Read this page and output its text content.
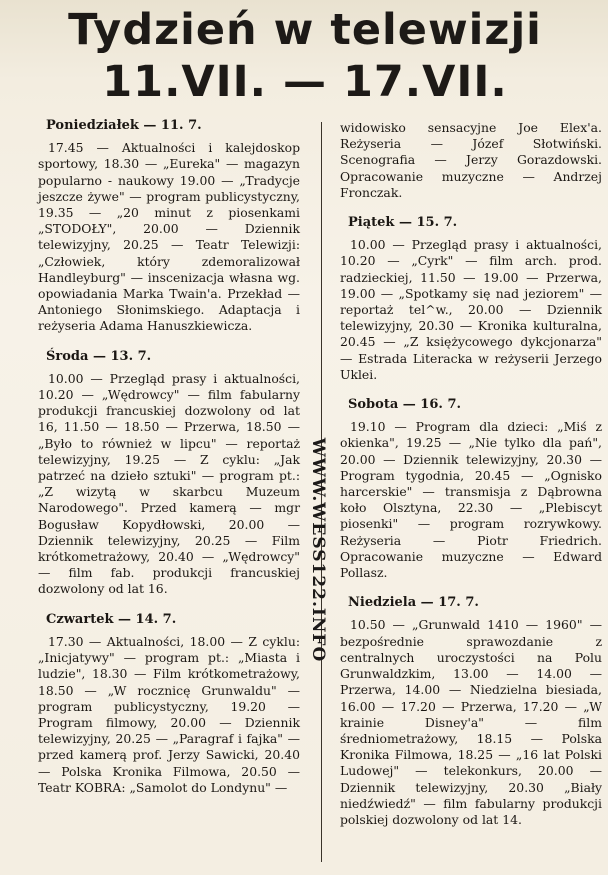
Tydzień w telewizji
11.VII. — 17.VII.

Poniedziałek — 11. 7.

17.45 — Aktualności i kalejdoskop sportowy, 18.30 — „Eureka" — magazyn popularno - naukowy 19.00 — „Tradycje jeszcze żywe" — program publicystyczny, 19.35 — „20 minut z piosenkami „STODOŁY", 20.00 — Dziennik telewizyjny, 20.25 — Teatr Telewizji: „Człowiek, który zdemoralizował Handleyburg" — inscenizacja własna wg. opowiadania Marka Twain'a. Przekład — Antoniego Słonimskiego. Adaptacja i reżyseria Adama Hanuszkiewicza.

Środa — 13. 7.

10.00 — Przegląd prasy i aktualności, 10.20 — „Wędrowcy" — film fabularny produkcji francuskiej dozwolony od lat 16, 11.50 — 18.50 — Przerwa, 18.50 — „Było to również w lipcu" — reportaż telewizyjny, 19.25 — Z cyklu: „Jak patrzeć na dzieło sztuki" — program pt.: „Z wizytą w skarbcu Muzeum Narodowego". Przed kamerą — mgr Bogusław Kopydłowski, 20.00 — Dziennik telewizyjny, 20.25 — Film krótkometrażowy, 20.40 — „Wędrowcy" — film fab. produkcji francuskiej dozwolony od lat 16.

Czwartek — 14. 7.

17.30 — Aktualności, 18.00 — Z cyklu: „Inicjatywy" — program pt.: „Miasta i ludzie", 18.30 — Film krótkometrażowy, 18.50 — „W rocznicę Grunwaldu" — program publicystyczny, 19.20 — Program filmowy, 20.00 — Dziennik telewizyjny, 20.25 — „Paragraf i fajka" — przed kamerą prof. Jerzy Sawicki, 20.40 — Polska Kronika Filmowa, 20.50 — Teatr KOBRA: „Samolot do Londynu" —

WWW.WESS122.INFO

widowisko sensacyjne Joe Elex'a. Reżyseria — Józef Słotwiński. Scenografia — Jerzy Gorazdowski. Opracowanie muzyczne — Andrzej Fronczak.

Piątek — 15. 7.

10.00 — Przegląd prasy i aktualności, 10.20 — „Cyrk" — film arch. prod. radzieckiej, 11.50 — 19.00 — Przerwa, 19.00 — „Spotkamy się nad jeziorem" — reportaż tel^w., 20.00 — Dziennik telewizyjny, 20.30 — Kronika kulturalna, 20.45 — „Z księżycowego dykcjonarza" — Estrada Literacka w reżyserii Jerzego Uklei.

Sobota — 16. 7.

19.10 — Program dla dzieci: „Miś z okienka", 19.25 — „Nie tylko dla pań", 20.00 — Dziennik telewizyjny, 20.30 — Program tygodnia, 20.45 — „Ognisko harcerskie" — transmisja z Dąbrowna koło Olsztyna, 22.30 — „Plebiscyt piosenki" — program rozrywkowy. Reżyseria — Piotr Friedrich. Opracowanie muzyczne — Edward Pollasz.

Niedziela — 17. 7.

10.50 — „Grunwald 1410 — 1960" — bezpośrednie sprawozdanie z centralnych uroczystości na Polu Grunwaldzkim, 13.00 — 14.00 — Przerwa, 14.00 — Niedzielna biesiada, 16.00 — 17.20 — Przerwa, 17.20 — „W krainie Disney'a" — film średniometrażowy, 18.15 — Polska Kronika Filmowa, 18.25 — „16 lat Polski Ludowej" — telekonkurs, 20.00 — Dziennik telewizyjny, 20.30 „Biały niedźwiedź" — film fabularny produkcji polskiej dozwolony od lat 14.
